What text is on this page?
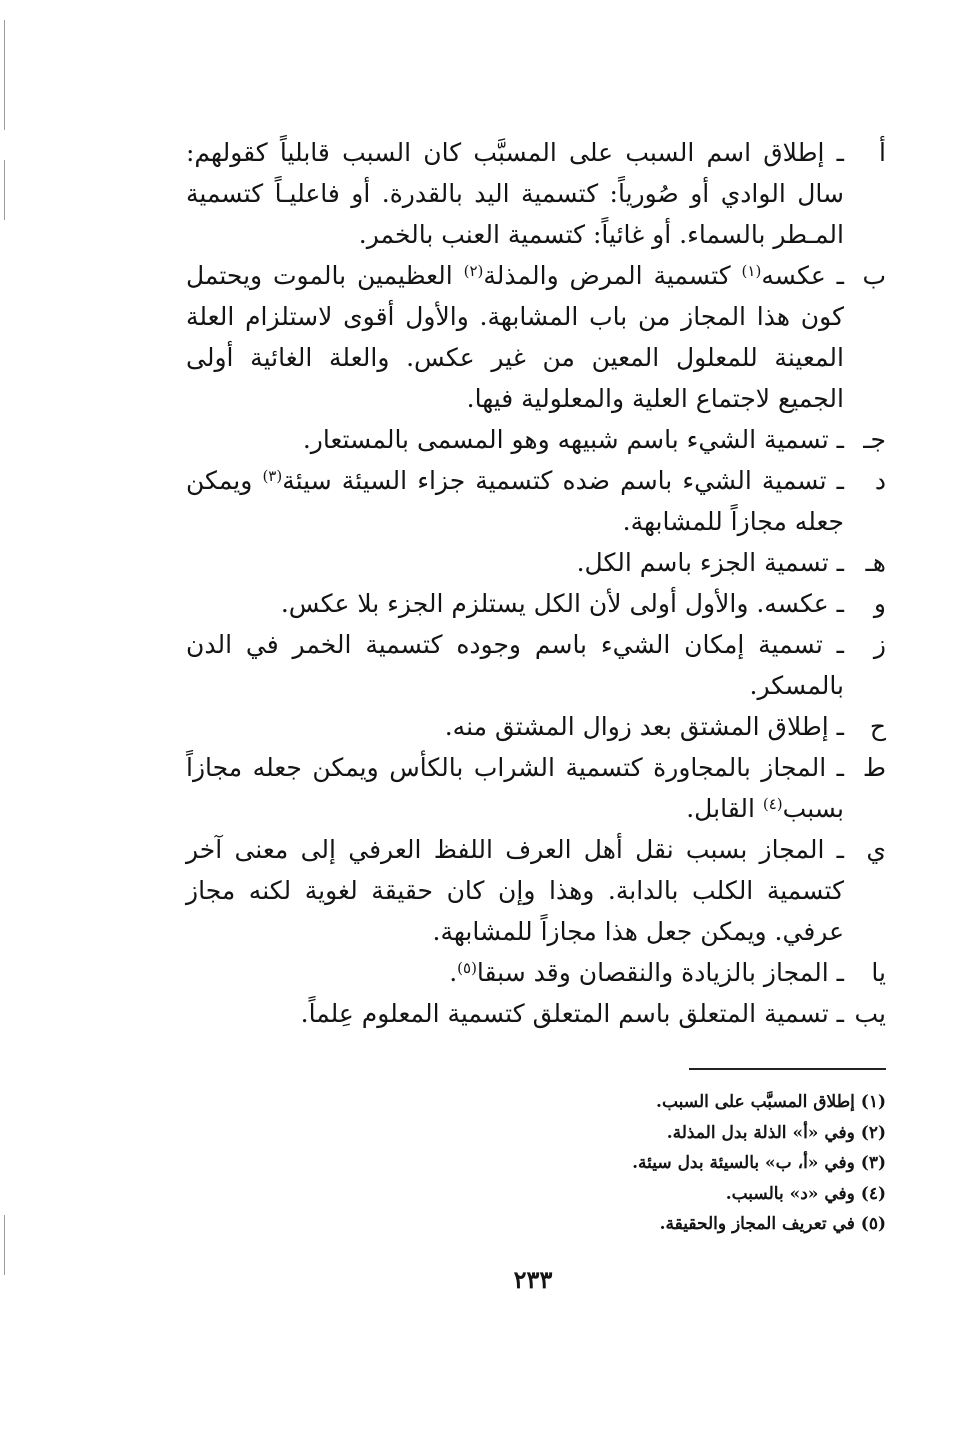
أ
ـ إطلاق اسم السبب على المسبَّب كان السبب قابلياً كقولهم: سال الوادي أو صُورياً: كتسمية اليد بالقدرة. أو فاعليـاً كتسمية المـطر بالسماء. أو غائياً: كتسمية العنب بالخمر.
ب
ـ عكسه$^{(١)}$ كتسمية المرض والمذلة$^{(٢)}$ العظيمين بالموت ويحتمل كون هذا المجاز من باب المشابهة. والأول أقوى لاستلزام العلة المعينة للمعلول المعين من غير عكس. والعلة الغائية أولى الجميع لاجتماع العلية والمعلولية فيها.
جـ
ـ تسمية الشيء باسم شبيهه وهو المسمى بالمستعار.
د
ـ تسمية الشيء باسم ضده كتسمية جزاء السيئة سيئة$^{(٣)}$ ويمكن جعله مجازاً للمشابهة.
هـ
ـ تسمية الجزء باسم الكل.
و
ـ عكسه. والأول أولى لأن الكل يستلزم الجزء بلا عكس.
ز
ـ تسمية إمكان الشيء باسم وجوده كتسمية الخمر في الدن بالمسكر.
ح
ـ إطلاق المشتق بعد زوال المشتق منه.
ط
ـ المجاز بالمجاورة كتسمية الشراب بالكأس ويمكن جعله مجازاً بسبب$^{(٤)}$ القابل.
ي
ـ المجاز بسبب نقل أهل العرف اللفظ العرفي إلى معنى آخر كتسمية الكلب بالدابة. وهذا وإن كان حقيقة لغوية لكنه مجاز عرفي. ويمكن جعل هذا مجازاً للمشابهة.
يا
ـ المجاز بالزيادة والنقصان وقد سبقا$^{(٥)}$.
يب
ـ تسمية المتعلق باسم المتعلق كتسمية المعلوم عِلماً.
(١) إطلاق المسبَّب على السبب.
(٢) وفي «أ» الذلة بدل المذلة.
(٣) وفي «أ، ب» بالسيئة بدل سيئة.
(٤) وفي «د» بالسبب.
(٥) في تعريف المجاز والحقيقة.
٢٣٣
